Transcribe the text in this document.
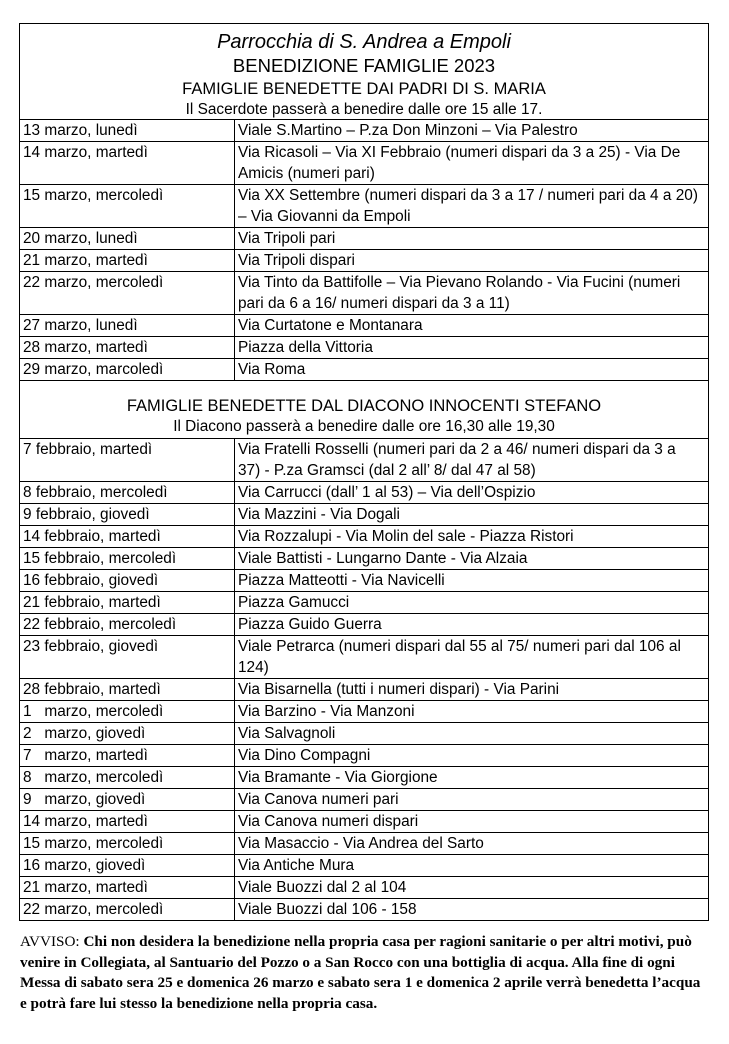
Parrocchia di S. Andrea a Empoli
BENEDIZIONE FAMIGLIE 2023
FAMIGLIE BENEDETTE DAI PADRI DI S. MARIA
Il Sacerdote passerà a benedire dalle ore 15 alle 17.	

13 marzo, lunedì	Viale S.Martino – P.za Don Minzoni – Via Palestro
14 marzo, martedì	Via Ricasoli – Via XI Febbraio (numeri dispari da 3 a 25) - Via De Amicis (numeri pari)
15 marzo, mercoledì	Via XX Settembre (numeri dispari da 3 a 17 / numeri pari da 4 a 20) – Via Giovanni da Empoli
20 marzo, lunedì	Via Tripoli pari
21 marzo, martedì	Via Tripoli dispari
22 marzo, mercoledì	Via Tinto da Battifolle – Via Pievano Rolando - Via Fucini (numeri pari da 6 a 16/ numeri dispari da 3 a 11)
27 marzo, lunedì	Via Curtatone e Montanara
28 marzo, martedì	Piazza della Vittoria
29 marzo, marcoledì	Via Roma

FAMIGLIE BENEDETTE DAL DIACONO INNOCENTI STEFANO
Il Diacono passerà a benedire dalle ore 16,30 alle 19,30	

7 febbraio, martedì	Via Fratelli Rosselli (numeri pari da 2 a 46/ numeri dispari da 3 a 37) - P.za Gramsci (dal 2 all’ 8/ dal 47 al 58)
8 febbraio, mercoledì	Via Carrucci (dall’ 1 al 53) – Via dell’Ospizio
9 febbraio, giovedì	Via Mazzini - Via Dogali
14 febbraio, martedì	Via Rozzalupi - Via Molin del sale - Piazza Ristori
15 febbraio, mercoledì	Viale Battisti - Lungarno Dante - Via Alzaia
16 febbraio, giovedì	Piazza Matteotti - Via Navicelli
21 febbraio, martedì	Piazza Gamucci
22 febbraio, mercoledì	Piazza Guido Guerra
23 febbraio, giovedì	Viale Petrarca (numeri dispari dal 55 al 75/ numeri pari dal 106 al 124)
28 febbraio, martedì	Via Bisarnella (tutti i numeri dispari) - Via Parini
1   marzo, mercoledì	Via Barzino - Via Manzoni
2   marzo, giovedì	Via Salvagnoli
7   marzo, martedì	Via Dino Compagni
8   marzo, mercoledì	Via Bramante - Via Giorgione
9   marzo, giovedì	Via Canova numeri pari
14 marzo, martedì	Via Canova numeri dispari
15 marzo, mercoledì	Via Masaccio - Via Andrea del Sarto
16 marzo, giovedì	Via Antiche Mura
21 marzo, martedì	Viale Buozzi dal 2 al 104
22 marzo, mercoledì	Viale Buozzi dal 106 - 158
AVVISO: Chi non desidera la benedizione nella propria casa per ragioni sanitarie o per altri motivi, può venire in Collegiata, al Santuario del Pozzo o a San Rocco con una bottiglia di acqua. Alla fine di ogni Messa di sabato sera 25 e domenica 26 marzo e sabato sera 1 e domenica 2 aprile verrà benedetta l’acqua e potrà fare lui stesso la benedizione nella propria casa.
